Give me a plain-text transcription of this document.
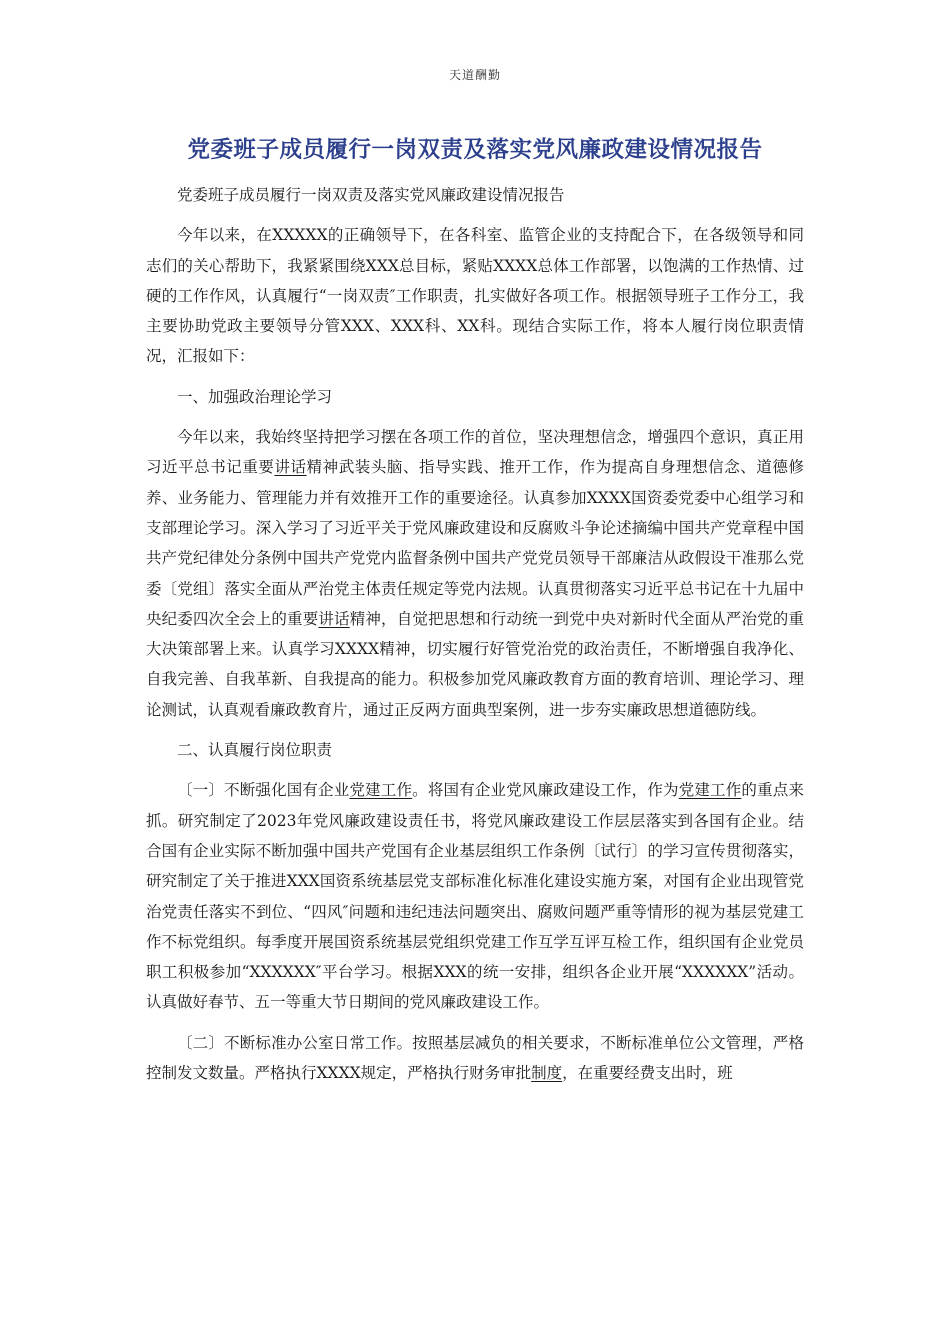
天道酬勤
党委班子成员履行一岗双责及落实党风廉政建设情况报告

党委班子成员履行一岗双责及落实党风廉政建设情况报告

今年以来，在XXXXX的正确领导下，在各科室、监管企业的支持配合下，在各级领导和同志们的关心帮助下，我紧紧围绕XXX总目标，紧贴XXXX总体工作部署，以饱满的工作热情、过硬的工作作风，认真履行“一岗双责″工作职责，扎实做好各项工作。根据领导班子工作分工，我主要协助党政主要领导分管XXX、XXX科、XX科。现结合实际工作，将本人履行岗位职责情况，汇报如下：

一、加强政治理论学习

今年以来，我始终坚持把学习摆在各项工作的首位，坚决理想信念，增强四个意识，真正用习近平总书记重要讲话精神武装头脑、指导实践、推开工作，作为提高自身理想信念、道德修养、业务能力、管理能力并有效推开工作的重要途径。认真参加XXXX国资委党委中心组学习和支部理论学习。深入学习了习近平关于党风廉政建设和反腐败斗争论述摘编中国共产党章程中国共产党纪律处分条例中国共产党党内监督条例中国共产党党员领导干部廉洁从政假设干准那么党委〔党组〕落实全面从严治党主体责任规定等党内法规。认真贯彻落实习近平总书记在十九届中央纪委四次全会上的重要讲话精神，自觉把思想和行动统一到党中央对新时代全面从严治党的重大决策部署上来。认真学习XXXX精神，切实履行好管党治党的政治责任，不断增强自我净化、自我完善、自我革新、自我提高的能力。积极参加党风廉政教育方面的教育培训、理论学习、理论测试，认真观看廉政教育片，通过正反两方面典型案例，进一步夯实廉政思想道德防线。

二、认真履行岗位职责

〔一〕不断强化国有企业党建工作。将国有企业党风廉政建设工作，作为党建工作的重点来抓。研究制定了2023年党风廉政建设责任书，将党风廉政建设工作层层落实到各国有企业。结合国有企业实际不断加强中国共产党国有企业基层组织工作条例〔试行〕的学习宣传贯彻落实，研究制定了关于推进XXX国资系统基层党支部标准化标准化建设实施方案，对国有企业出现管党治党责任落实不到位、“四风″问题和违纪违法问题突出、腐败问题严重等情形的视为基层党建工作不标党组织。每季度开展国资系统基层党组织党建工作互学互评互检工作，组织国有企业党员职工积极参加“XXXXXX″平台学习。根据XXX的统一安排，组织各企业开展“XXXXXX”活动。认真做好春节、五一等重大节日期间的党风廉政建设工作。

〔二〕不断标准办公室日常工作。按照基层减负的相关要求，不断标准单位公文管理，严格控制发文数量。严格执行XXXX规定，严格执行财务审批制度，在重要经费支出时，班
